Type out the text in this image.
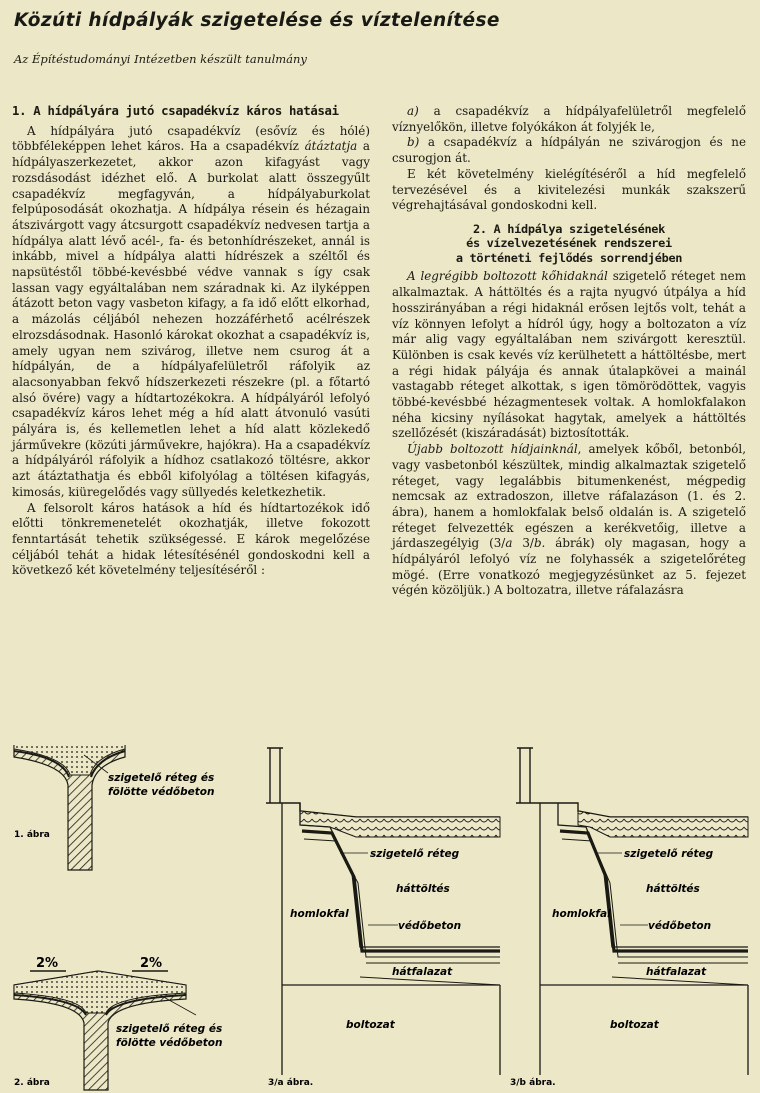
Közúti hídpályák szigetelése és víztelenítése
Az Építéstudományi Intézetben készült tanulmány
1. A hídpályára jutó csapadékvíz káros hatásai

A hídpályára jutó csapadékvíz (esővíz és hólé) többféleképpen lehet káros. Ha a csapadékvíz átáztatja a hídpályaszerkezetet, akkor azon kifagyást vagy rozsdásodást idézhet elő. A burkolat alatt összegyűlt csapadékvíz megfagyván, a hídpályaburkolat felpúposodását okozhatja. A hídpálya résein és hézagain átszivárgott vagy átcsurgott csapadékvíz nedvesen tartja a hídpálya alatt lévő acél-, fa- és betonhídrészeket, annál is inkább, mivel a hídpálya alatti hídrészek a széltől és napsütéstől többé-kevésbbé védve vannak s így csak lassan vagy egyáltalában nem száradnak ki. Az ilyképpen átázott beton vagy vasbeton kifagy, a fa idő előtt elkorhad, a mázolás céljából nehezen hozzáférhető acélrészek elrozsdásodnak. Hasonló károkat okozhat a csapadékvíz is, amely ugyan nem szivárog, illetve nem csurog át a hídpályán, de a hídpályafelületről ráfolyik az alacsonyabban fekvő hídszerkezeti részekre (pl. a főtartó alsó övére) vagy a hídtartozékokra. A hídpályáról lefolyó csapadékvíz káros lehet még a híd alatt átvonuló vasúti pályára is, és kellemetlen lehet a híd alatt közlekedő járművekre (közúti járművekre, hajókra). Ha a csapadékvíz a hídpályáról ráfolyik a hídhoz csatlakozó töltésre, akkor azt átáztathatja és ebből kifolyólag a töltésen kifagyás, kimosás, kiüregelődés vagy süllyedés keletkezhetik.

A felsorolt káros hatások a híd és hídtartozékok idő előtti tönkremenetelét okozhatják, illetve fokozott fenntartását tehetik szükségessé. E károk megelőzése céljából tehát a hidak létesítésénél gondoskodni kell a következő két követelmény teljesítéséről :

a) a csapadékvíz a hídpályafelületről megfelelő víznyelőkön, illetve folyókákon át folyjék le,

b) a csapadékvíz a hídpályán ne szivárogjon és ne csurogjon át.

E két követelmény kielégítéséről a híd megfelelő tervezésével és a kivitelezési munkák szakszerű végrehajtásával gondoskodni kell.

2. A hídpálya szigetelésének
és vízelvezetésének rendszerei
a történeti fejlődés sorrendjében

A legrégibb boltozott kőhidaknál szigetelő réteget nem alkalmaztak. A háttöltés és a rajta nyugvó útpálya a híd hosszirányában a régi hidaknál erősen lejtős volt, tehát a víz könnyen lefolyt a hídról úgy, hogy a boltozaton a víz már alig vagy egyáltalában nem szivárgott keresztül. Különben is csak kevés víz kerülhetett a háttöltésbe, mert a régi hidak pályája és annak útalapkövei a mainál vastagabb réteget alkottak, s igen tömörödöttek, vagyis többé-kevésbbé hézagmentesek voltak. A homlokfalakon néha kicsiny nyílásokat hagytak, amelyek a háttöltés szellőzését (kiszáradását) biztosították.

Újabb boltozott hídjainknál, amelyek kőből, betonból, vagy vasbetonból készültek, mindig alkalmaztak szigetelő réteget, vagy legalábbis bitumenkenést, mégpedig nemcsak az extradoszon, illetve ráfalazáson (1. és 2. ábra), hanem a homlokfalak belső oldalán is. A szigetelő réteget felvezették egészen a kerékvetőig, illetve a járdaszegélyig (3/a 3/b. ábrák) oly magasan, hogy a hídpályáról lefolyó víz ne folyhassék a szigetelőréteg mögé. (Erre vonatkozó megjegyzésünket az 5. fejezet végén közöljük.) A boltozatra, illetve ráfalazásra

szigetelő réteg és
fölötte védőbeton
1. ábra
2%	2%
szigetelő réteg és
fölötte védőbeton
2. ábra
szigetelő réteg
háttöltés
homlokfal
védőbeton
hátfalazat
boltozat
3/a ábra.
szigetelő réteg
háttöltés
homlokfal
védőbeton
hátfalazat
boltozat
3/b ábra.
